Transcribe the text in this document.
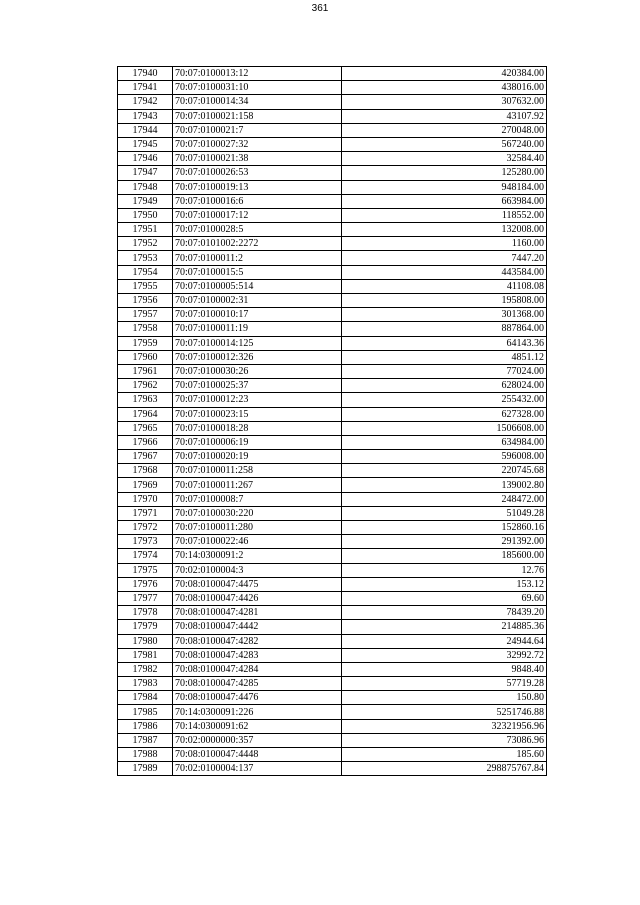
361
17940	70:07:0100013:12	420384.00
17941	70:07:0100031:10	438016.00
17942	70:07:0100014:34	307632.00
17943	70:07:0100021:158	43107.92
17944	70:07:0100021:7	270048.00
17945	70:07:0100027:32	567240.00
17946	70:07:0100021:38	32584.40
17947	70:07:0100026:53	125280.00
17948	70:07:0100019:13	948184.00
17949	70:07:0100016:6	663984.00
17950	70:07:0100017:12	118552.00
17951	70:07:0100028:5	132008.00
17952	70:07:0101002:2272	1160.00
17953	70:07:0100011:2	7447.20
17954	70:07:0100015:5	443584.00
17955	70:07:0100005:514	41108.08
17956	70:07:0100002:31	195808.00
17957	70:07:0100010:17	301368.00
17958	70:07:0100011:19	887864.00
17959	70:07:0100014:125	64143.36
17960	70:07:0100012:326	4851.12
17961	70:07:0100030:26	77024.00
17962	70:07:0100025:37	628024.00
17963	70:07:0100012:23	255432.00
17964	70:07:0100023:15	627328.00
17965	70:07:0100018:28	1506608.00
17966	70:07:0100006:19	634984.00
17967	70:07:0100020:19	596008.00
17968	70:07:0100011:258	220745.68
17969	70:07:0100011:267	139002.80
17970	70:07:0100008:7	248472.00
17971	70:07:0100030:220	51049.28
17972	70:07:0100011:280	152860.16
17973	70:07:0100022:46	291392.00
17974	70:14:0300091:2	185600.00
17975	70:02:0100004:3	12.76
17976	70:08:0100047:4475	153.12
17977	70:08:0100047:4426	69.60
17978	70:08:0100047:4281	78439.20
17979	70:08:0100047:4442	214885.36
17980	70:08:0100047:4282	24944.64
17981	70:08:0100047:4283	32992.72
17982	70:08:0100047:4284	9848.40
17983	70:08:0100047:4285	57719.28
17984	70:08:0100047:4476	150.80
17985	70:14:0300091:226	5251746.88
17986	70:14:0300091:62	32321956.96
17987	70:02:0000000:357	73086.96
17988	70:08:0100047:4448	185.60
17989	70:02:0100004:137	298875767.84
